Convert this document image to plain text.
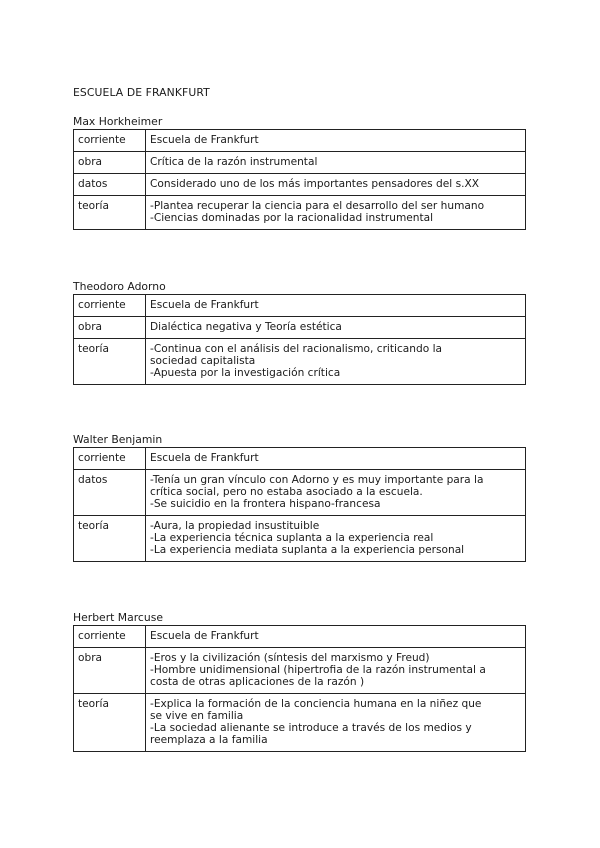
ESCUELA DE FRANKFURT
Max Horkheimer
corriente	Escuela de Frankfurt

obra	Crítica de la razón instrumental

datos	Considerado uno de los más importantes pensadores del s.XX

teoría	-Plantea recuperar la ciencia para el desarrollo del ser humano
-Ciencias dominadas por la racionalidad instrumental
Theodoro Adorno
corriente	Escuela de Frankfurt

obra	Dialéctica negativa y Teoría estética

teoría	-Continua con el análisis del racionalismo, criticando la
sociedad capitalista
-Apuesta por la investigación crítica
Walter Benjamin
corriente	Escuela de Frankfurt

datos	-Tenía un gran vínculo con Adorno y es muy importante para la
crítica social, pero no estaba asociado a la escuela.
-Se suicidio en la frontera hispano-francesa

teoría	-Aura, la propiedad insustituible
-La experiencia técnica suplanta a la experiencia real
-La experiencia mediata suplanta a la experiencia personal
Herbert Marcuse
corriente	Escuela de Frankfurt

obra	-Eros y la civilización (síntesis del marxismo y Freud)
-Hombre unidimensional (hipertrofia de la razón instrumental a
costa de otras aplicaciones de la razón )

teoría	-Explica la formación de la conciencia humana en la niñez que
se vive en familia
-La sociedad alienante se introduce a través de los medios y
reemplaza a la familia
